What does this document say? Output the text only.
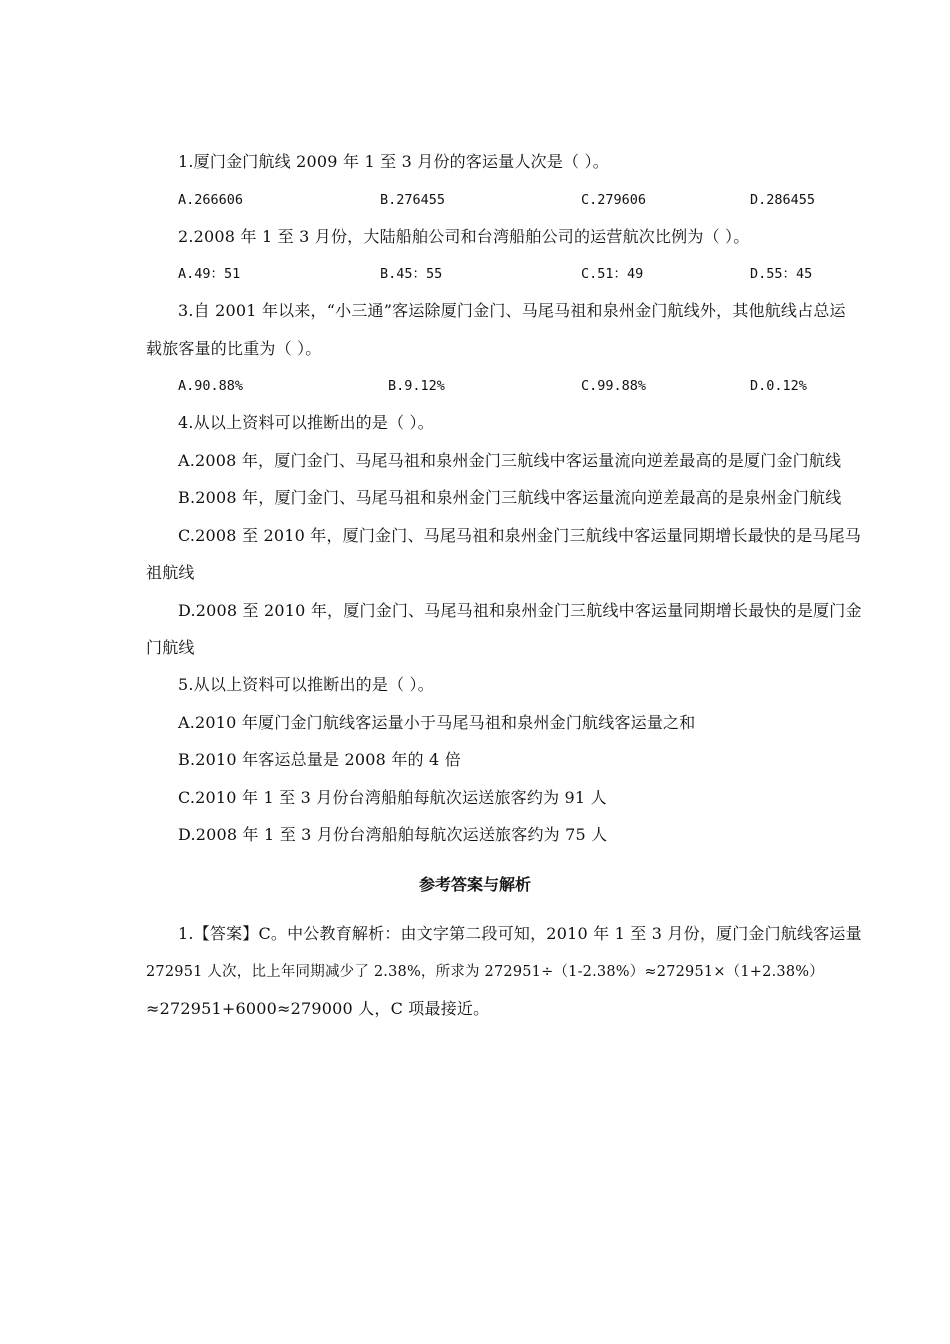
1.厦门金门航线 2009 年 1 至 3 月份的客运量人次是（ ）。
A.266606	B.276455	C.279606	D.286455
2.2008 年 1 至 3 月份，大陆船舶公司和台湾船舶公司的运营航次比例为（ ）。
A.49：51	B.45：55	C.51：49	D.55：45
3.自 2001 年以来，“小三通”客运除厦门金门、马尾马祖和泉州金门航线外，其他航线占总运
载旅客量的比重为（ ）。
A.90.88%	B.9.12%	C.99.88%	D.0.12%
4.从以上资料可以推断出的是（ ）。
A.2008 年，厦门金门、马尾马祖和泉州金门三航线中客运量流向逆差最高的是厦门金门航线
B.2008 年，厦门金门、马尾马祖和泉州金门三航线中客运量流向逆差最高的是泉州金门航线
C.2008 至 2010 年，厦门金门、马尾马祖和泉州金门三航线中客运量同期增长最快的是马尾马
祖航线
D.2008 至 2010 年，厦门金门、马尾马祖和泉州金门三航线中客运量同期增长最快的是厦门金
门航线
5.从以上资料可以推断出的是（ ）。
A.2010 年厦门金门航线客运量小于马尾马祖和泉州金门航线客运量之和
B.2010 年客运总量是 2008 年的 4 倍
C.2010 年 1 至 3 月份台湾船舶每航次运送旅客约为 91 人
D.2008 年 1 至 3 月份台湾船舶每航次运送旅客约为 75 人
参考答案与解析
1.【答案】C。中公教育解析：由文字第二段可知，2010 年 1 至 3 月份，厦门金门航线客运量
272951 人次，比上年同期减少了 2.38%，所求为 272951÷（1-2.38%）≈272951×（1+2.38%）
≈272951+6000≈279000 人，C 项最接近。
